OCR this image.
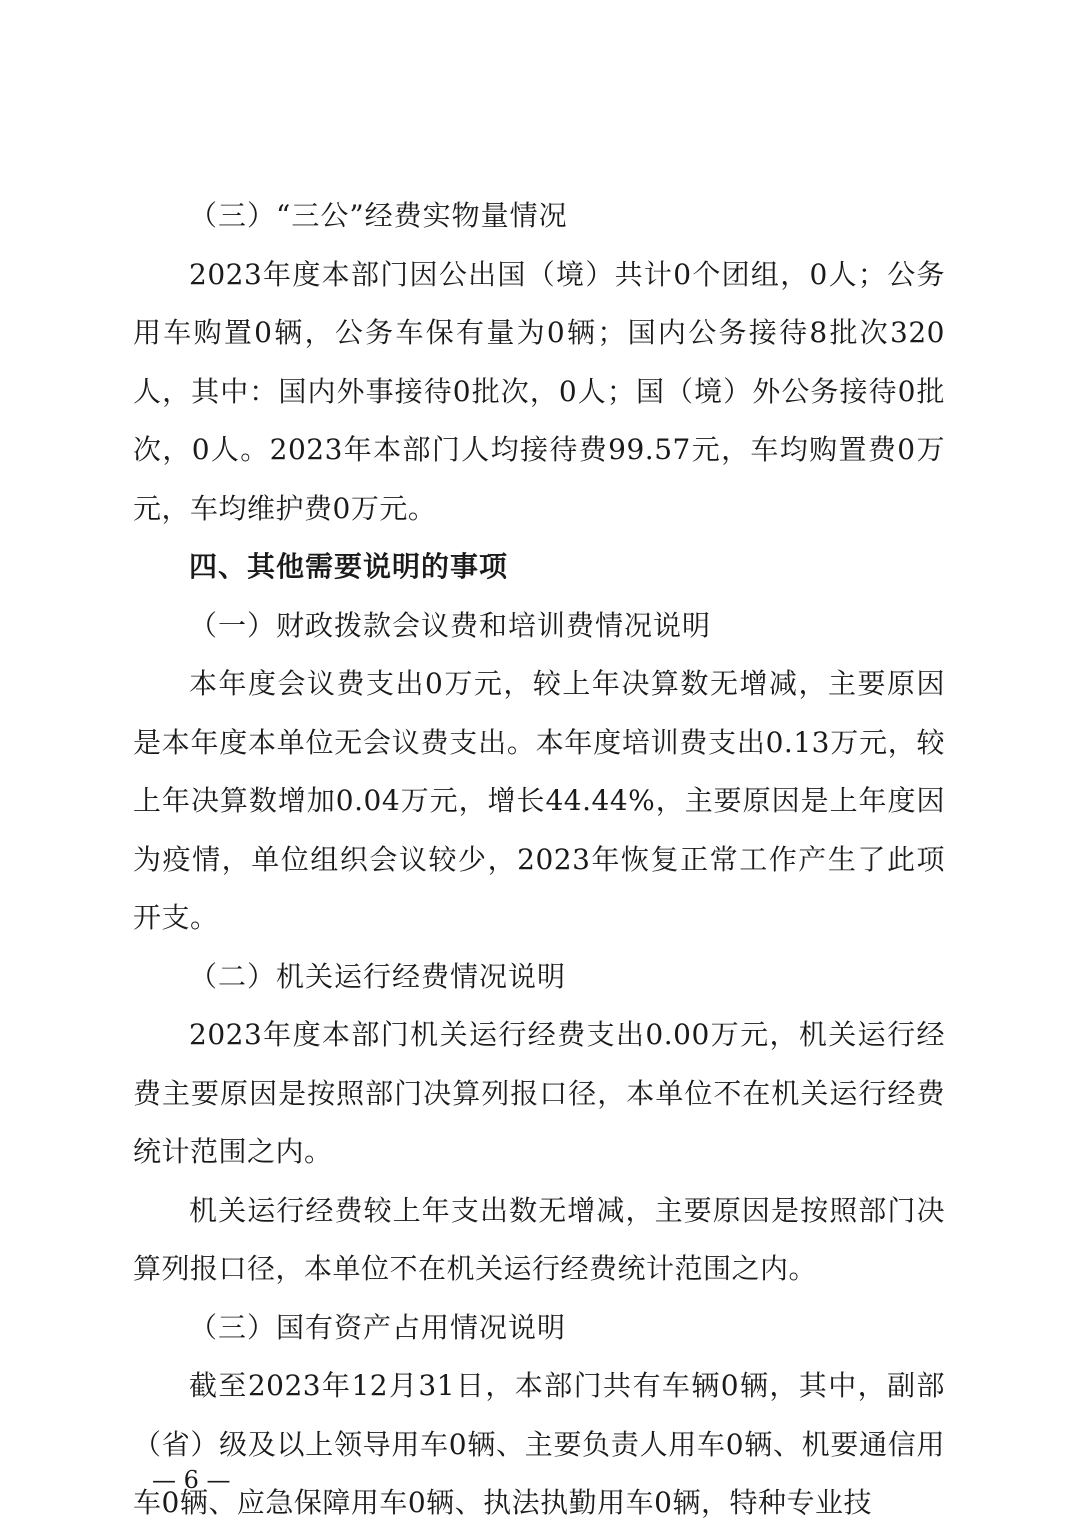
（三）“三公”经费实物量情况

2023年度本部门因公出国（境）共计0个团组，0人；公务用车购置0辆，公务车保有量为0辆；国内公务接待8批次320人，其中：国内外事接待0批次，0人；国（境）外公务接待0批次，0人。2023年本部门人均接待费99.57元，车均购置费0万元，车均维护费0万元。

四、其他需要说明的事项

（一）财政拨款会议费和培训费情况说明

本年度会议费支出0万元，较上年决算数无增减，主要原因是本年度本单位无会议费支出。本年度培训费支出0.13万元，较上年决算数增加0.04万元，增长44.44%，主要原因是上年度因为疫情，单位组织会议较少，2023年恢复正常工作产生了此项开支。

（二）机关运行经费情况说明

2023年度本部门机关运行经费支出0.00万元，机关运行经费主要原因是按照部门决算列报口径，本单位不在机关运行经费统计范围之内。

机关运行经费较上年支出数无增减，主要原因是按照部门决算列报口径，本单位不在机关运行经费统计范围之内。

（三）国有资产占用情况说明

截至2023年12月31日，本部门共有车辆0辆，其中，副部（省）级及以上领导用车0辆、主要负责人用车0辆、机要通信用车0辆、应急保障用车0辆、执法执勤用车0辆，特种专业技

— 6 —
